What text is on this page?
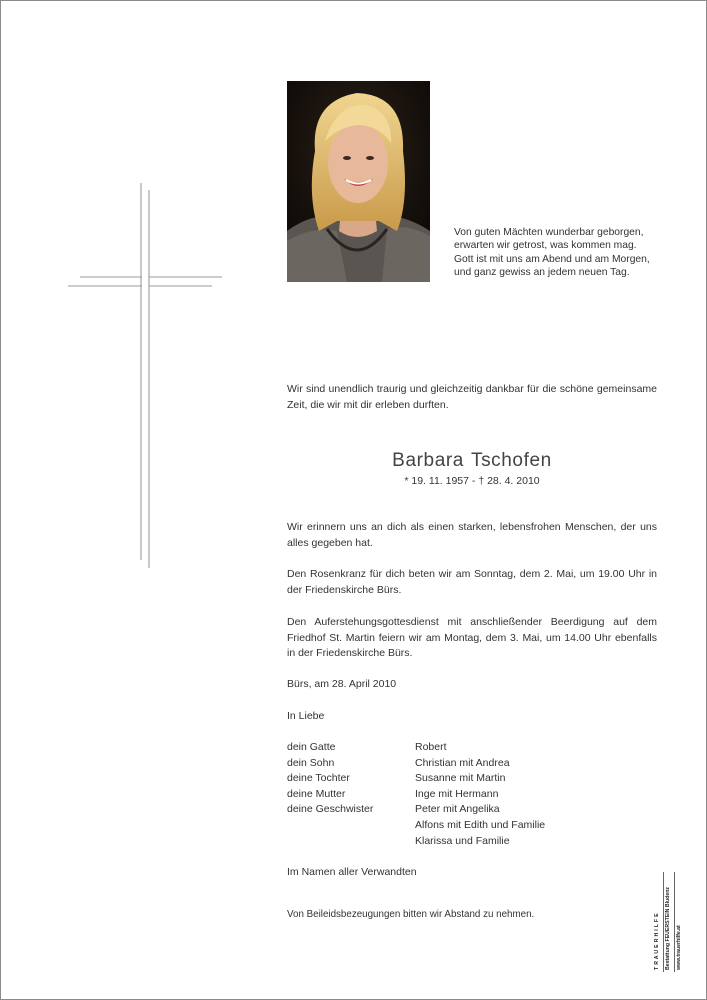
Von guten Mächten wunderbar geborgen,
erwarten wir getrost, was kommen mag.
Gott ist mit uns am Abend und am Morgen,
und ganz gewiss an jedem neuen Tag.
Wir sind unendlich traurig und gleichzeitig dankbar für die schöne gemeinsame Zeit, die wir mit dir erleben durften.
Barbara Tschofen
* 19. 11. 1957 - † 28. 4. 2010
Wir erinnern uns an dich als einen starken, lebensfrohen Menschen, der uns alles gegeben hat.
Den Rosenkranz für dich beten wir am Sonntag, dem 2. Mai, um 19.00 Uhr in der Friedenskirche Bürs.
Den Auferstehungsgottesdienst mit anschließender Beerdigung auf dem Friedhof St. Martin feiern wir am Montag, dem 3. Mai, um 14.00 Uhr ebenfalls in der Friedenskirche Bürs.
Bürs, am 28. April 2010
In Liebe
dein Gatte	Robert
dein Sohn	Christian mit Andrea
deine Tochter	Susanne mit Martin
deine Mutter	Inge mit Hermann
deine Geschwister	Peter mit Angelika
Alfons mit Edith und Familie
Klarissa und Familie
Im Namen aller Verwandten
Von Beileidsbezeugungen bitten wir Abstand zu nehmen.	T R A U E R H I L F E Bestattung FEUERSTEIN Bludenz www.trauerhilfe.at
